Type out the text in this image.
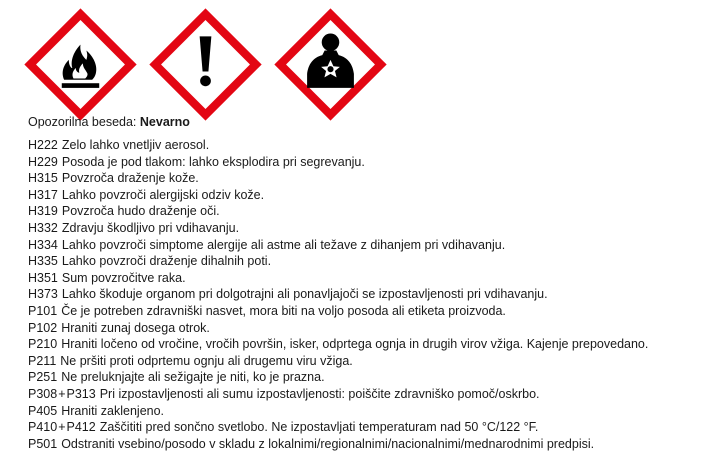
Opozorilna beseda: Nevarno
H222 Zelo lahko vnetljiv aerosol.
H229 Posoda je pod tlakom: lahko eksplodira pri segrevanju.
H315 Povzroča draženje kože.
H317 Lahko povzroči alergijski odziv kože.
H319 Povzroča hudo draženje oči.
H332 Zdravju škodljivo pri vdihavanju.
H334 Lahko povzroči simptome alergije ali astme ali težave z dihanjem pri vdihavanju.
H335 Lahko povzroči draženje dihalnih poti.
H351 Sum povzročitve raka.
H373 Lahko škoduje organom pri dolgotrajni ali ponavljajoči se izpostavljenosti pri vdihavanju.
P101 Če je potreben zdravniški nasvet, mora biti na voljo posoda ali etiketa proizvoda.
P102 Hraniti zunaj dosega otrok.
P210 Hraniti ločeno od vročine, vročih površin, isker, odprtega ognja in drugih virov vžiga. Kajenje prepovedano.
P211 Ne pršiti proti odprtemu ognju ali drugemu viru vžiga.
P251 Ne preluknjajte ali sežigajte je niti, ko je prazna.
P308+P313 Pri izpostavljenosti ali sumu izpostavljenosti: poiščite zdravniško pomoč/oskrbo.
P405 Hraniti zaklenjeno.
P410+P412 Zaščititi pred sončno svetlobo. Ne izpostavljati temperaturam nad 50 °C/122 °F.
P501 Odstraniti vsebino/posodo v skladu z lokalnimi/regionalnimi/nacionalnimi/mednarodnimi predpisi.
